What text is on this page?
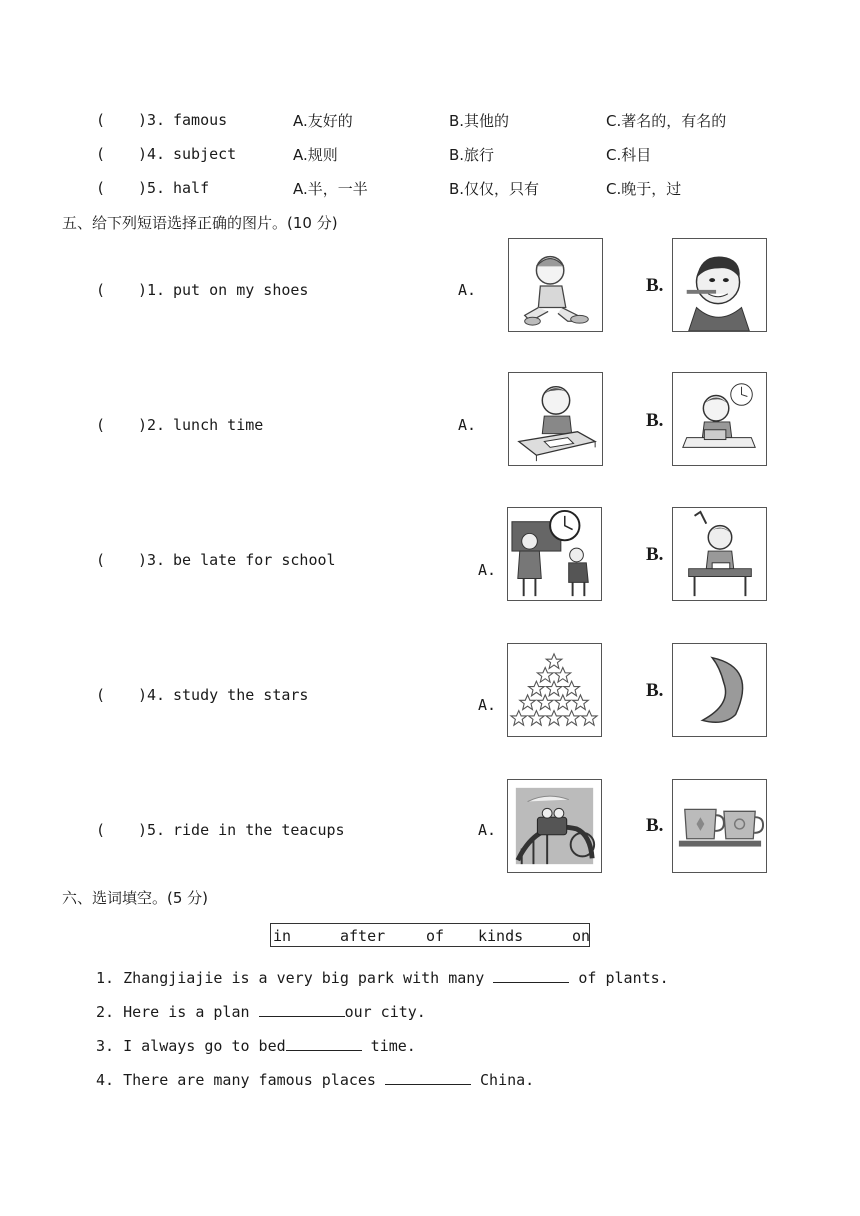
( )3. famous	A.友好的	B.其他的	C.著名的，有名的
( )4. subject	A.规则	B.旅行	C.科目
( )5. half	A.半，一半	B.仅仅，只有	C.晚于，过
五、给下列短语选择正确的图片。(10 分)
( )1. put on my shoes	A.	B.
( )2. lunch time	A.	B.
( )3. be late for school
A.
B.
( )4. study the stars
A.
B.
( )5. ride in the teacups	A.	B.
六、选词填空。(5 分)
in	after	of kinds	on
1. Zhangjiajie is a very big park with many	of plants.
2. Here is a plan	our city.
3. I always go to bed	time.
4. There are many famous places	China.
